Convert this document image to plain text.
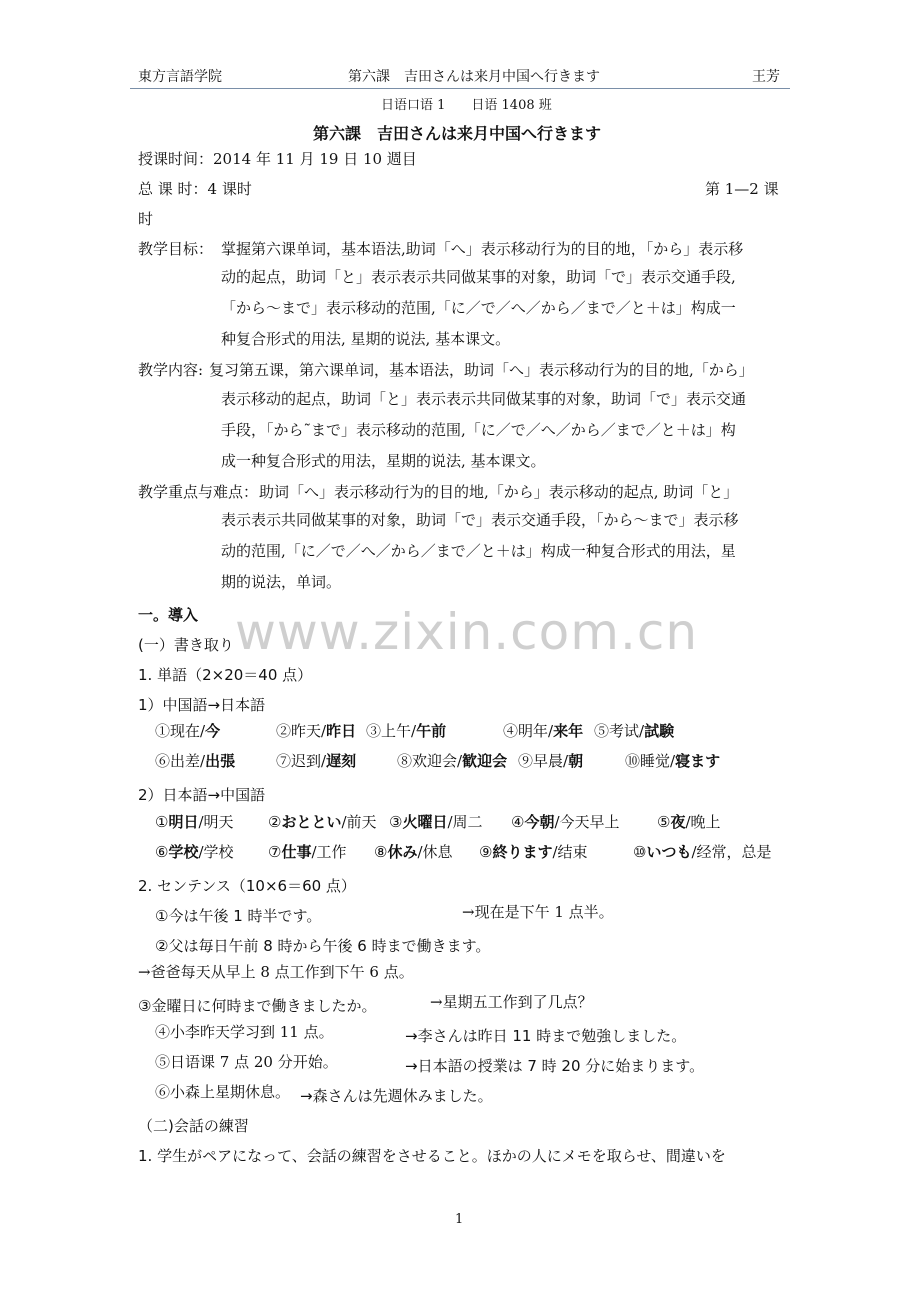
東方言語学院	第六課　吉田さんは来月中国へ行きます	王芳
日语口语 1　　日语 1408 班
第六課　吉田さんは来月中国へ行きます
授课时间：2014 年 11 月 19 日 10 週目
总 课 时：4 课时	第 1—2 课
时
教学目标： 掌握第六课单词，基本语法,助词「へ」表示移动行为的目的地，「から」表示移
动的起点，助词「と」表示表示共同做某事的对象，助词「で」表示交通手段,
「から～まで」表示移动的范围,「に／で／へ／から／まで／と＋は」构成一
种复合形式的用法, 星期的说法, 基本课文。
教学内容: 复习第五课，第六课单词，基本语法，助词「へ」表示移动行为的目的地,「から」
表示移动的起点，助词「と」表示表示共同做某事的对象，助词「で」表示交通
手段，「から˜まで」表示移动的范围,「に／で／へ／から／まで／と＋は」构
成一种复合形式的用法，星期的说法, 基本课文。
教学重点与难点： 助词「へ」表示移动行为的目的地,「から」表示移动的起点, 助词「と」
表示表示共同做某事的对象，助词「で」表示交通手段，「から～まで」表示移
动的范围,「に／で／へ／から／まで／と＋は」构成一种复合形式的用法，星
期的说法，单词。
www.zixin.com.cn
一。導入
(一）書き取り
1. 単語（2×20＝40 点）
1）中国語→日本語
①现在/今	②昨天/昨日 ③上午/午前	④明年/来年 ⑤考试/試験
⑥出差/出張	⑦迟到/遅刻	⑧欢迎会/歓迎会 ⑨早晨/朝	⑩睡觉/寝ます
2）日本語→中国語
①明日/明天 ②おととい/前天 ③火曜日/周二 ④今朝/今天早上 ⑤夜/晚上
⑥学校/学校 ⑦仕事/工作 ⑧休み/休息 ⑨終ります/结束	⑩いつも/经常，总是
2. センテンス（10×6＝60 点）
①今は午後 1 時半です。	→现在是下午 1 点半。
②父は毎日午前 8 時から午後 6 時まで働きます。
→爸爸每天从早上 8 点工作到下午 6 点。
③金曜日に何時まで働きましたか。	→星期五工作到了几点？
④小李昨天学习到 11 点。	→李さんは昨日 11 時まで勉強しました。
⑤日语课 7 点 20 分开始。	→日本語の授業は 7 時 20 分に始まります。
⑥小森上星期休息。 →森さんは先週休みました。
（二)会話の練習
1. 学生がペアになって、会話の練習をさせること。ほかの人にメモを取らせ、間違いを
1
